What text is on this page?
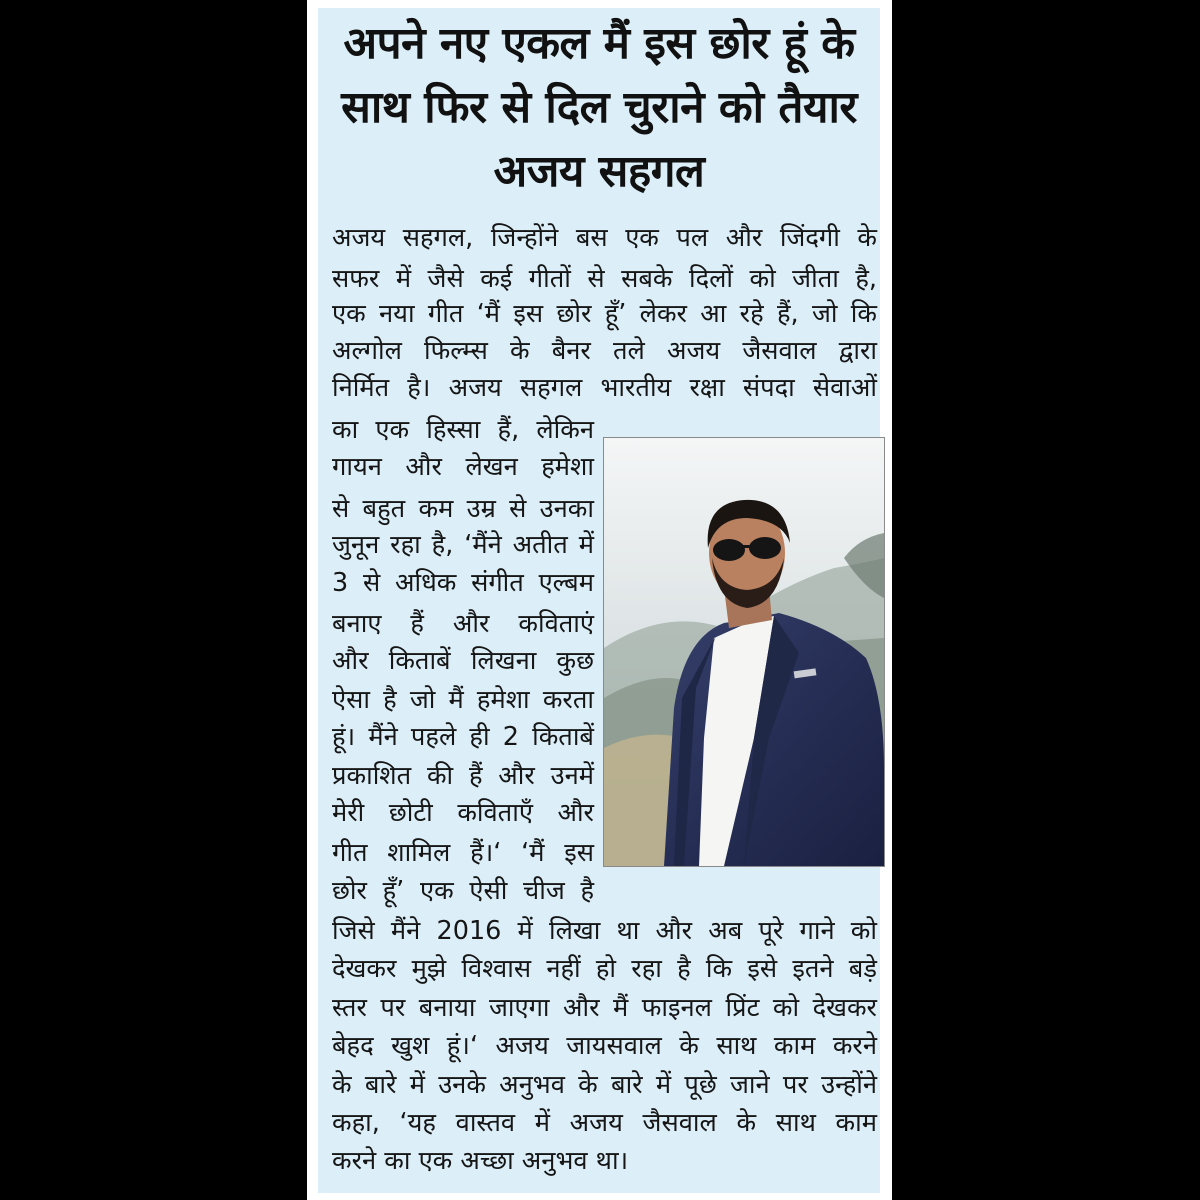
अपने नए एकल मैं इस छोर हूं के
साथ फिर से दिल चुराने को तैयार
अजय सहगल
अजय सहगल, जिन्होंने बस एक पल और जिंदगी के
सफर में जैसे कई गीतों से सबके दिलों को जीता है,
एक नया गीत ‘मैं इस छोर हूँ’ लेकर आ रहे हैं, जो कि
अल्गोल फिल्म्स के बैनर तले अजय जैसवाल द्वारा
निर्मित है। अजय सहगल भारतीय रक्षा संपदा सेवाओं
का एक हिस्सा हैं, लेकिन
गायन और लेखन हमेशा
से बहुत कम उम्र से उनका
जुनून रहा है, ‘मैंने अतीत में
3 से अधिक संगीत एल्बम
बनाए हैं और कविताएं
और किताबें लिखना कुछ
ऐसा है जो मैं हमेशा करता
हूं। मैंने पहले ही 2 किताबें
प्रकाशित की हैं और उनमें
मेरी छोटी कविताएँ और
गीत शामिल हैं।‘ ‘मैं इस
छोर हूँ’ एक ऐसी चीज है
जिसे मैंने 2016 में लिखा था और अब पूरे गाने को
देखकर मुझे विश्वास नहीं हो रहा है कि इसे इतने बड़े
स्तर पर बनाया जाएगा और मैं फाइनल प्रिंट को देखकर
बेहद खुश हूं।‘ अजय जायसवाल के साथ काम करने
के बारे में उनके अनुभव के बारे में पूछे जाने पर उन्होंने
कहा, ‘यह वास्तव में अजय जैसवाल के साथ काम
करने का एक अच्छा अनुभव था।
